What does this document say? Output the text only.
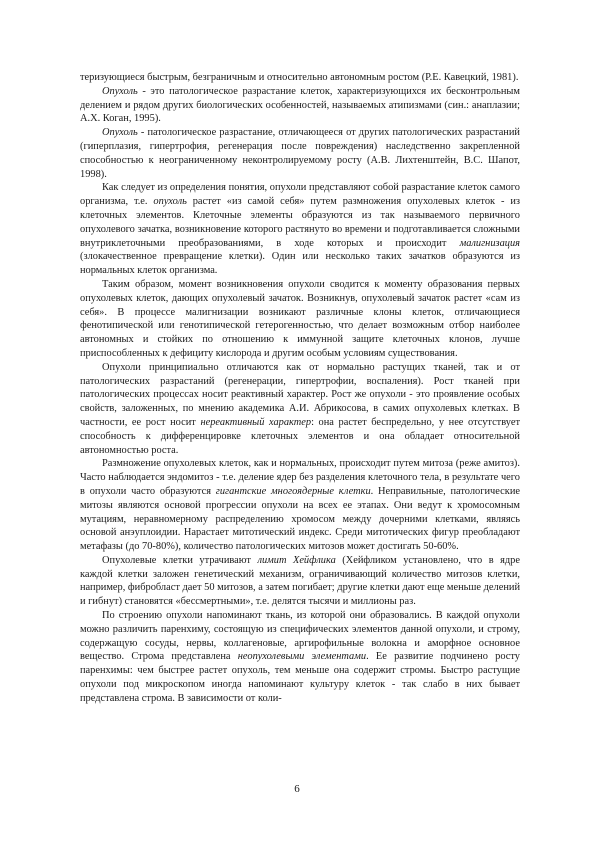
теризующиеся быстрым, безграничным и относительно автономным ростом (Р.Е. Кавецкий, 1981).

Опухоль - это патологическое разрастание клеток, характеризующихся их бесконтрольным делением и рядом других биологических особенностей, называемых атипизмами (син.: анаплазии; А.Х. Коган, 1995).

Опухоль - патологическое разрастание, отличающееся от других патологических разрастаний (гиперплазия, гипертрофия, регенерация после повреждения) наследственно закрепленной способностью к неограниченному неконтролируемому росту (А.В. Лихтенштейн, В.С. Шапот, 1998).

Как следует из определения понятия, опухоли представляют собой разрастание клеток самого организма, т.е. опухоль растет «из самой себя» путем размножения опухолевых клеток - из клеточных элементов. Клеточные элементы образуются из так называемого первичного опухолевого зачатка, возникновение которого растянуто во времени и подготавливается сложными внутриклеточными преобразованиями, в ходе которых и происходит малигнизация (злокачественное превращение клетки). Один или несколько таких зачатков образуются из нормальных клеток организма.

Таким образом, момент возникновения опухоли сводится к моменту образования первых опухолевых клеток, дающих опухолевый зачаток. Возникнув, опухолевый зачаток растет «сам из себя». В процессе малигнизации возникают различные клоны клеток, отличающиеся фенотипической или генотипической гетерогенностью, что делает возможным отбор наиболее автономных и стойких по отношению к иммунной защите клеточных клонов, лучше приспособленных к дефициту кислорода и другим особым условиям существования.

Опухоли принципиально отличаются как от нормально растущих тканей, так и от патологических разрастаний (регенерации, гипертрофии, воспаления). Рост тканей при патологических процессах носит реактивный характер. Рост же опухоли - это проявление особых свойств, заложенных, по мнению академика А.И. Абрикосова, в самих опухолевых клетках. В частности, ее рост носит нереактивный характер: она растет беспредельно, у нее отсутствует способность к дифференцировке клеточных элементов и она обладает относительной автономностью роста.

Размножение опухолевых клеток, как и нормальных, происходит путем митоза (реже амитоз). Часто наблюдается эндомитоз - т.е. деление ядер без разделения клеточного тела, в результате чего в опухоли часто образуются гигантские многоядерные клетки. Неправильные, патологические митозы являются основой прогрессии опухоли на всех ее этапах. Они ведут к хромосомным мутациям, неравномерному распределению хромосом между дочерними клетками, являясь основой анэуплоидии. Нарастает митотический индекс. Среди митотических фигур преобладают метафазы (до 70-80%), количество патологических митозов может достигать 50-60%.

Опухолевые клетки утрачивают лимит Хейфлика (Хейфликом установлено, что в ядре каждой клетки заложен генетический механизм, ограничивающий количество митозов клетки, например, фибробласт дает 50 митозов, а затем погибает; другие клетки дают еще меньше делений и гибнут) становятся «бессмертными», т.е. делятся тысячи и миллионы раз.

По строению опухоли напоминают ткань, из которой они образовались. В каждой опухоли можно различить паренхиму, состоящую из специфических элементов данной опухоли, и строму, содержащую сосуды, нервы, коллагеновые, аргирофильные волокна и аморфное основное вещество. Строма представлена неопухолевыми элементами. Ее развитие подчинено росту паренхимы: чем быстрее растет опухоль, тем меньше она содержит стромы. Быстро растущие опухоли под микроскопом иногда напоминают культуру клеток - так слабо в них бывает представлена строма. В зависимости от коли-

6
